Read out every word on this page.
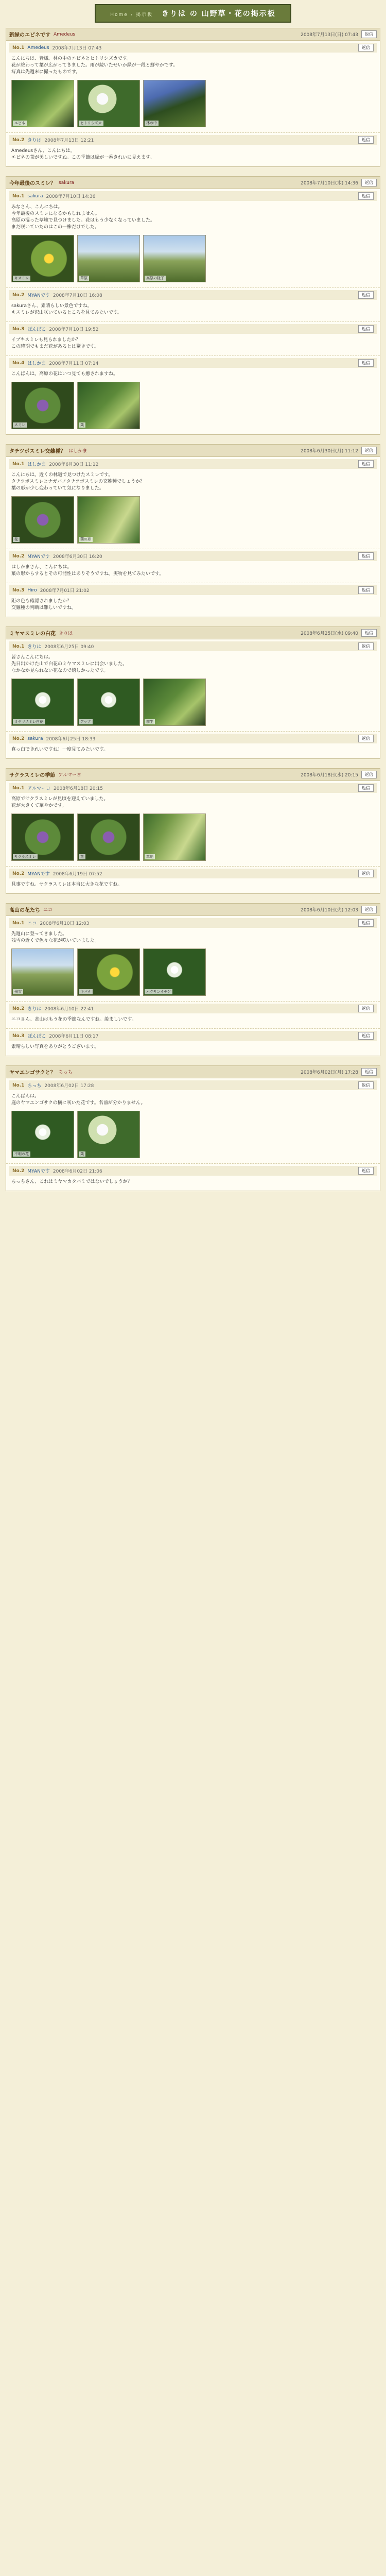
Home › 掲示板 きりは の 山野草・花の掲示板
新緑のエビネです Amedeus	2008年7月13日(日) 07:43	返信
No.1 Amedeus 2008年7月13日 07:43	返信

こんにちは、皆様。林の中のエビネとヒトリシズカです。

花が終わって葉が広がってきました。雨が続いたせいか緑が一段と鮮やかです。

写真は先週末に撮ったものです。

エビネ	ヒトリシズカ	林の中
No.2 きりは 2008年7月13日 12:21	返信

Amedeusさん、こんにちは。

エビネの葉が美しいですね。この季節は緑が一番きれいに見えます。

今年最後のスミレ？ sakura	2008年7月10日(木) 14:36	返信
No.1 sakura 2008年7月10日 14:36	返信

みなさん、こんにちは。

今年最後のスミレになるかもしれません。

高原の湿った草地で見つけました。花はもう少なくなっていました。

まだ咲いていたのはこの一株だけでした。

キスミレ	草原	高原の様子
No.2 MYANです 2008年7月10日 16:08	返信

sakuraさん、素晴らしい景色ですね。

キスミレが沢山咲いているところを見てみたいです。

No.3 ぽんぽこ 2008年7月10日 19:52	返信

イブキスミレも見られましたか？

この時期でもまだ花があるとは驚きです。

No.4 はしかま 2008年7月11日 07:14	返信

こんばんは。高原の花はいつ見ても癒されますね。

スミレ	葉
タチツボスミレ交雑種？ はしかま	2008年6月30日(月) 11:12	返信
No.1 はしかま 2008年6月30日 11:12	返信

こんにちは。近くの林道で見つけたスミレです。

タチツボスミレとナガバノタチツボスミレの交雑種でしょうか？

葉の形が少し変わっていて気になりました。

花	葉の形
No.2 MYANです 2008年6月30日 16:20	返信

はしかまさん、こんにちは。

葉の形からするとその可能性はありそうですね。実物を見てみたいです。

No.3 Hiro 2008年7月01日 21:02	返信

距の色も確認されましたか？

交雑種の判断は難しいですね。

ミヤマスミレの白花 きりは	2008年6月25日(水) 09:40	返信
No.1 きりは 2008年6月25日 09:40	返信

皆さんこんにちは。

先日出かけた山で白花のミヤマスミレに出会いました。

なかなか見られない花なので嬉しかったです。

ミヤマスミレ白花	アップ	群生
No.2 sakura 2008年6月25日 18:33	返信

真っ白できれいですね！一度見てみたいです。

サクラスミレの季節 アルマーヨ	2008年6月18日(水) 20:15	返信
No.1 アルマーヨ 2008年6月18日 20:15	返信

高原でサクラスミレが見頃を迎えていました。

花が大きくて華やかです。

サクラスミレ	花	草地
No.2 MYANです 2008年6月19日 07:52	返信

見事ですね。サクラスミレは本当に大きな花ですね。

高山の花たち ニコ	2008年6月10日(火) 12:03	返信
No.1 ニコ 2008年6月10日 12:03	返信

先週山に登ってきました。

残雪の近くで色々な花が咲いていました。

残雪	キバナ	ハクサンイチゲ
No.2 きりは 2008年6月10日 22:41	返信

ニコさん、高山はもう花の季節なんですね。羨ましいです。

No.3 ぽんぽこ 2008年6月11日 08:17	返信

素晴らしい写真をありがとうございます。

ヤマエンゴサクと？ ちっち	2008年6月02日(月) 17:28	返信
No.1 ちっち 2008年6月02日 17:28	返信

こんばんは。

庭のヤマエンゴサクの横に咲いた花です。名前が分かりません。

不明の花	葉
No.2 MYANです 2008年6月02日 21:06	返信

ちっちさん、これはミヤマカタバミではないでしょうか？
